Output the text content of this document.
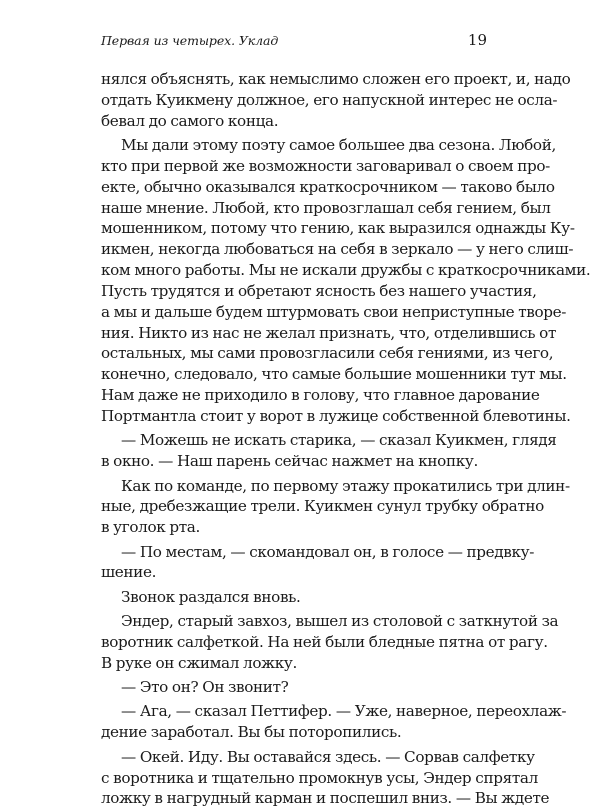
Первая из четырех. Уклад	19
нялся объяснять, как немыслимо сложен его проект, и, надо
отдать Куикмену должное, его напускной интерес не осла-
бевал до самого конца.
Мы дали этому поэту самое большее два сезона. Любой,
кто при первой же возможности заговаривал о своем про-
екте, обычно оказывался краткосрочником — таково было
наше мнение. Любой, кто провозглашал себя гением, был
мошенником, потому что гению, как выразился однажды Ку-
икмен, некогда любоваться на себя в зеркало — у него слиш-
ком много работы. Мы не искали дружбы с краткосрочниками.
Пусть трудятся и обретают ясность без нашего участия,
а мы и дальше будем штурмовать свои неприступные творе-
ния. Никто из нас не желал признать, что, отделившись от
остальных, мы сами провозгласили себя гениями, из чего,
конечно, следовало, что самые большие мошенники тут мы.
Нам даже не приходило в голову, что главное дарование
Портмантла стоит у ворот в лужице собственной блевотины.
— Можешь не искать старика, — сказал Куикмен, глядя
в окно. — Наш парень сейчас нажмет на кнопку.
Как по команде, по первому этажу прокатились три длин-
ные, дребезжащие трели. Куикмен сунул трубку обратно
в уголок рта.
— По местам, — скомандовал он, в голосе — предвку-
шение.
Звонок раздался вновь.
Эндер, старый завхоз, вышел из столовой с заткнутой за
воротник салфеткой. На ней были бледные пятна от рагу.
В руке он сжимал ложку.
— Это он? Он звонит?
— Ага, — сказал Петтифер. — Уже, наверное, переохлаж-
дение заработал. Вы бы поторопились.
— Окей. Иду. Вы оставайся здесь. — Сорвав салфетку
с воротника и тщательно промокнув усы, Эндер спрятал
ложку в нагрудный карман и поспешил вниз. — Вы ждете
